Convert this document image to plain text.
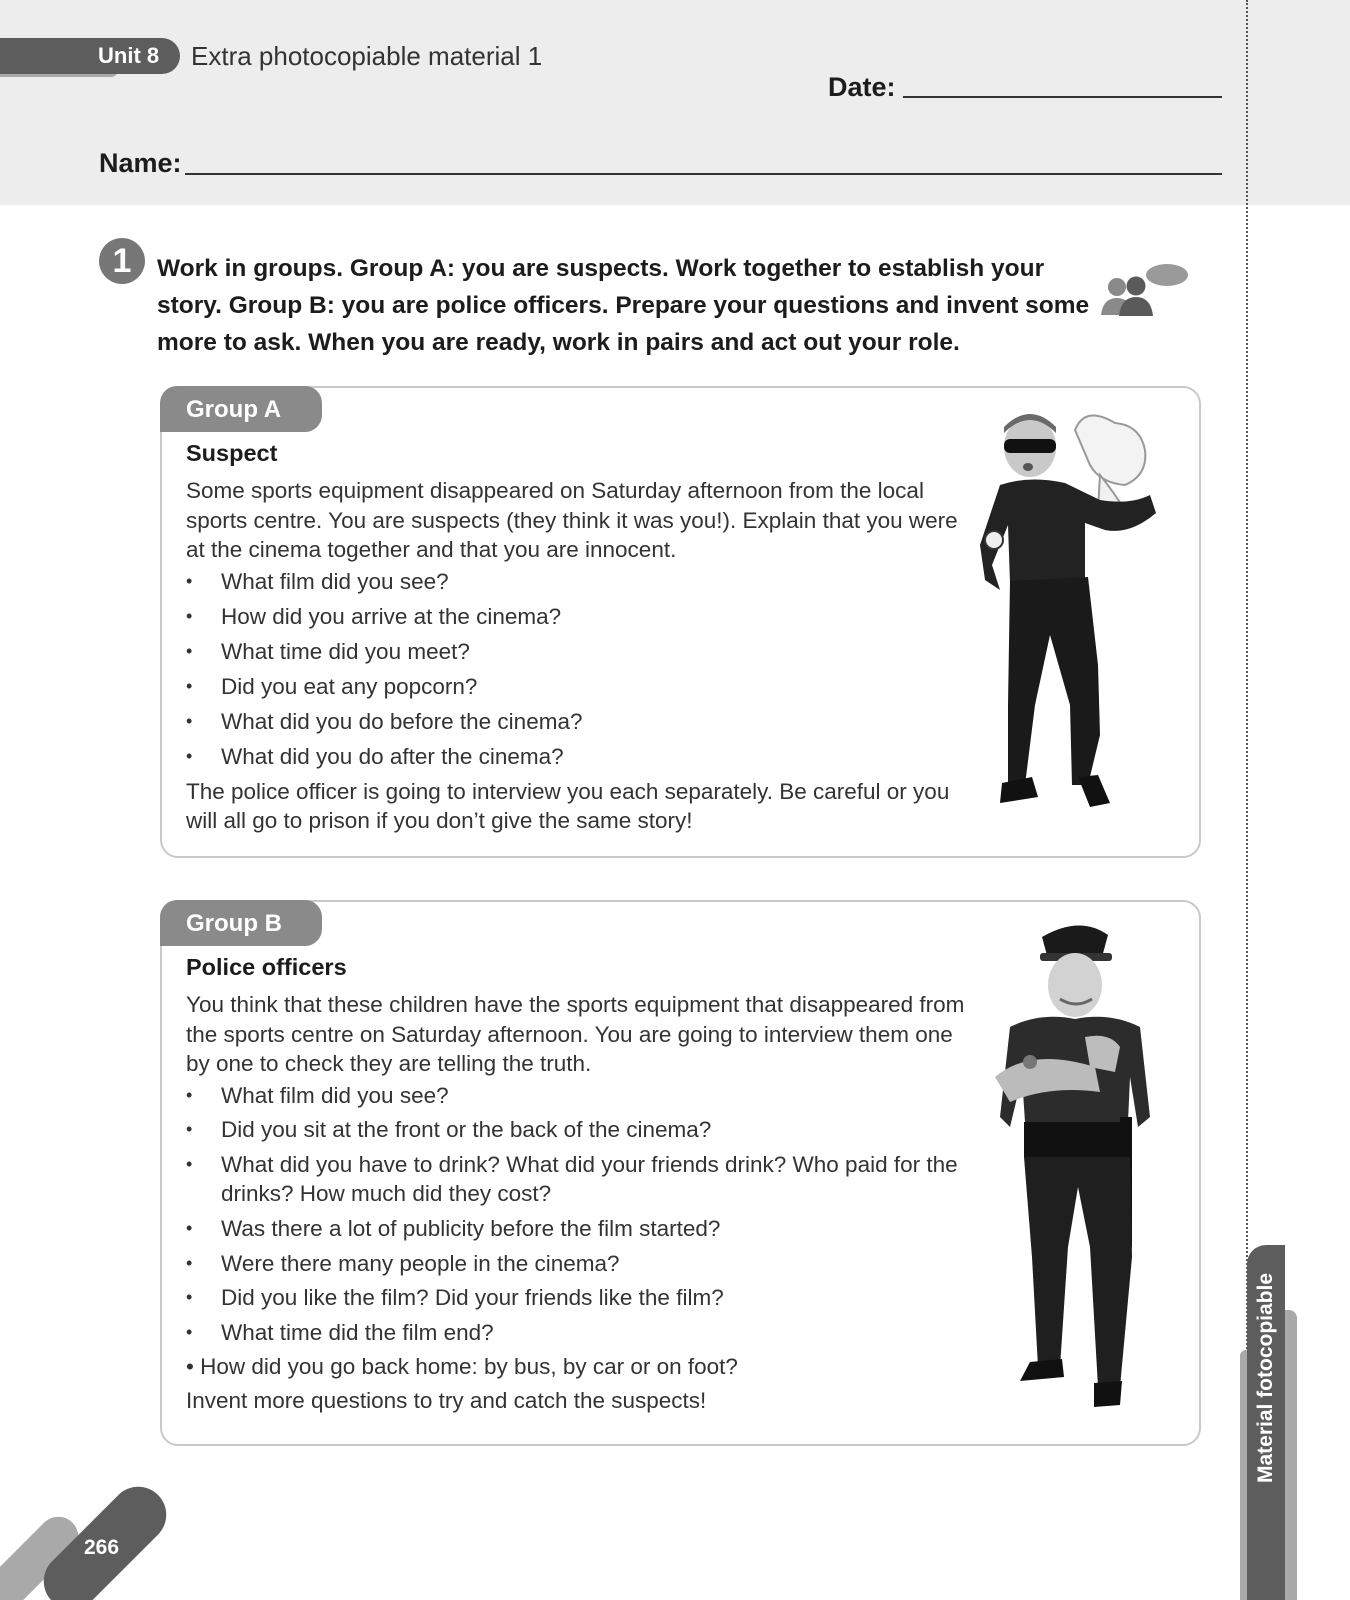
Unit 8 Extra photocopiable material 1
Date:
Name:
1	Work in groups. Group A: you are suspects. Work together to establish your story. Group B: you are police officers. Prepare your questions and invent some more to ask. When you are ready, work in pairs and act out your role.
Group A
Suspect

Some sports equipment disappeared on Saturday afternoon from the local sports centre. You are suspects (they think it was you!). Explain that you were at the cinema together and that you are innocent.

• What film did you see?
• How did you arrive at the cinema?
• What time did you meet?
• Did you eat any popcorn?
• What did you do before the cinema?
• What did you do after the cinema?

The police officer is going to interview you each separately. Be careful or you will all go to prison if you don’t give the same story!

Group B
Police officers

You think that these children have the sports equipment that disappeared from the sports centre on Saturday afternoon. You are going to interview them one by one to check they are telling the truth.

• What film did you see?
• Did you sit at the front or the back of the cinema?
• What did you have to drink? What did your friends drink? Who paid for the drinks? How much did they cost?
• Was there a lot of publicity before the film started?
• Were there many people in the cinema?
• Did you like the film? Did your friends like the film?
• What time did the film end?

• How did you go back home: by bus, by car or on foot?

Invent more questions to try and catch the suspects!	Material fotocopiable
266
